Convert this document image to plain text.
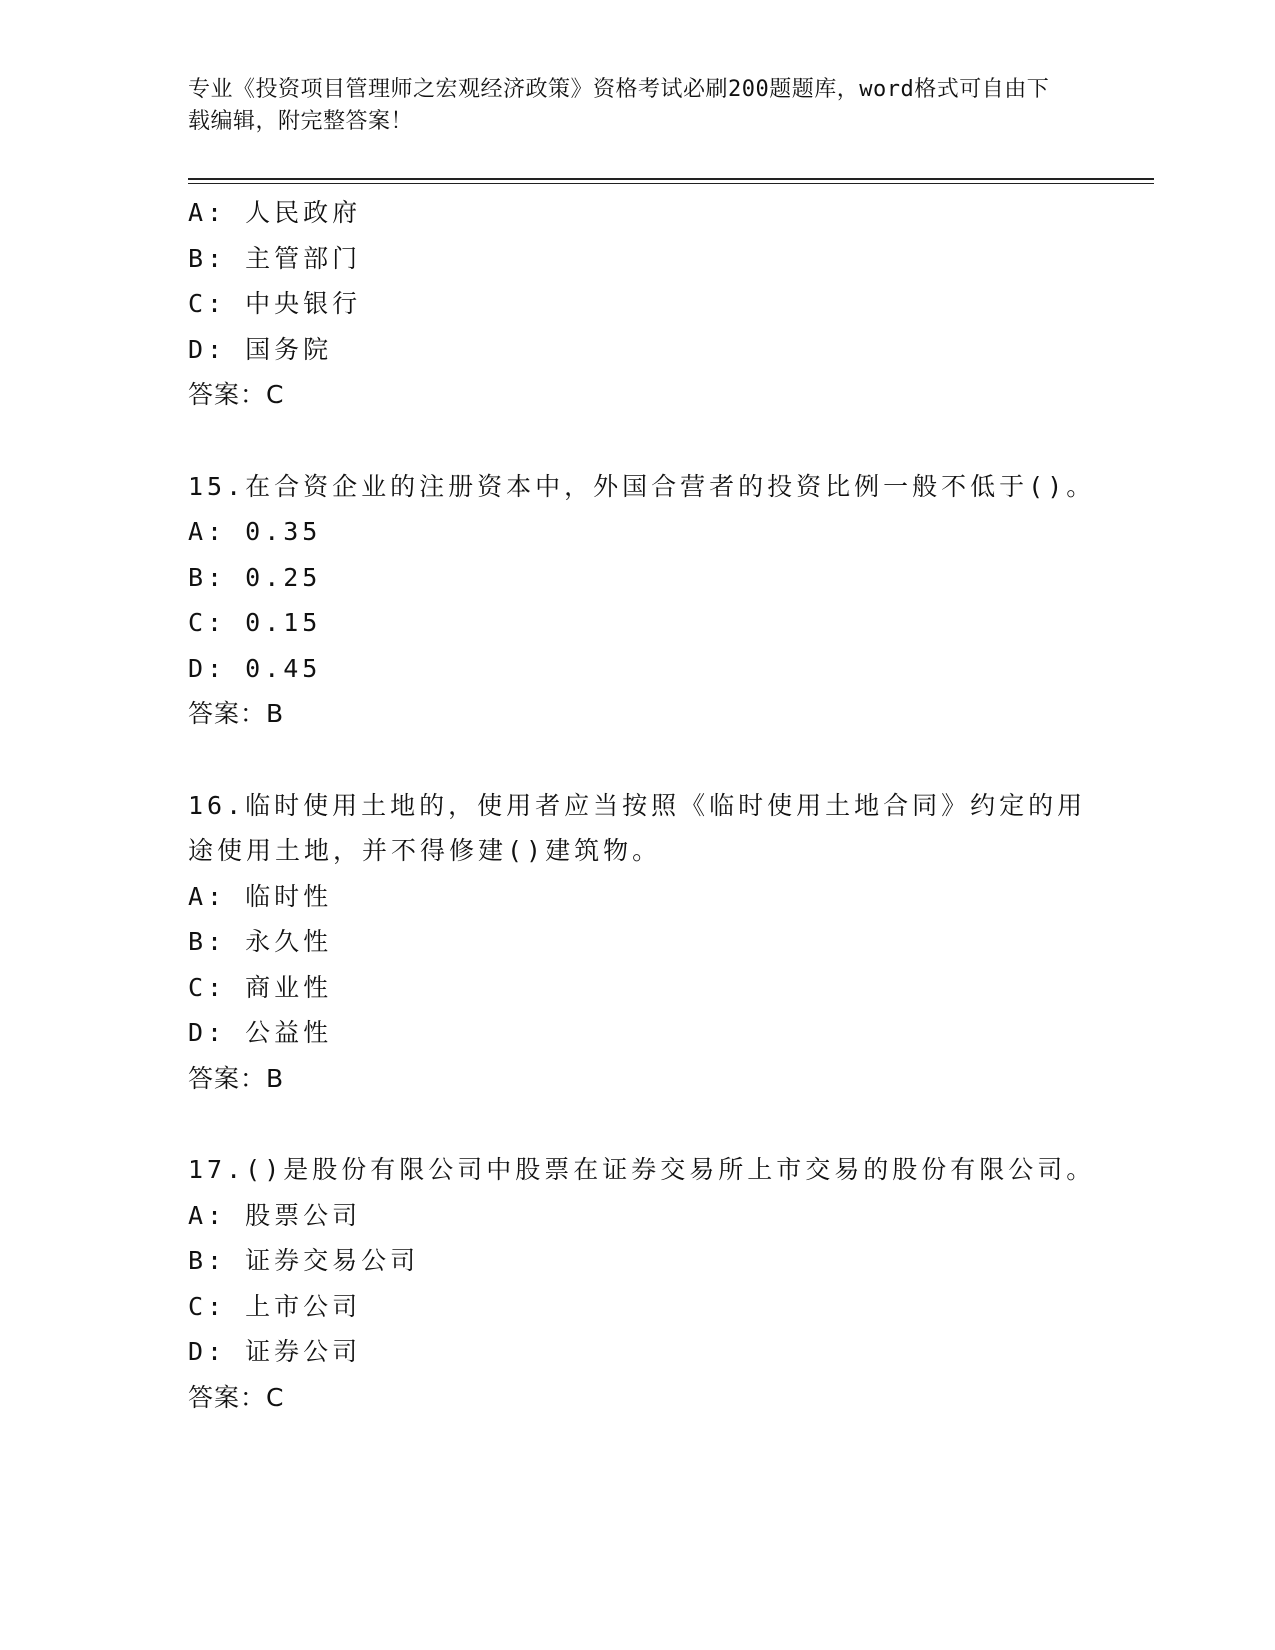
专业《投资项目管理师之宏观经济政策》资格考试必刷200题题库，word格式可自由下载编辑，附完整答案！
A: 人民政府
B: 主管部门
C: 中央银行
D: 国务院
答案：C
15.在合资企业的注册资本中，外国合营者的投资比例一般不低于()。
A: 0.35
B: 0.25
C: 0.15
D: 0.45
答案：B
16.临时使用土地的，使用者应当按照《临时使用土地合同》约定的用
途使用土地，并不得修建()建筑物。
A: 临时性
B: 永久性
C: 商业性
D: 公益性
答案：B
17.()是股份有限公司中股票在证券交易所上市交易的股份有限公司。
A: 股票公司
B: 证券交易公司
C: 上市公司
D: 证券公司
答案：C
